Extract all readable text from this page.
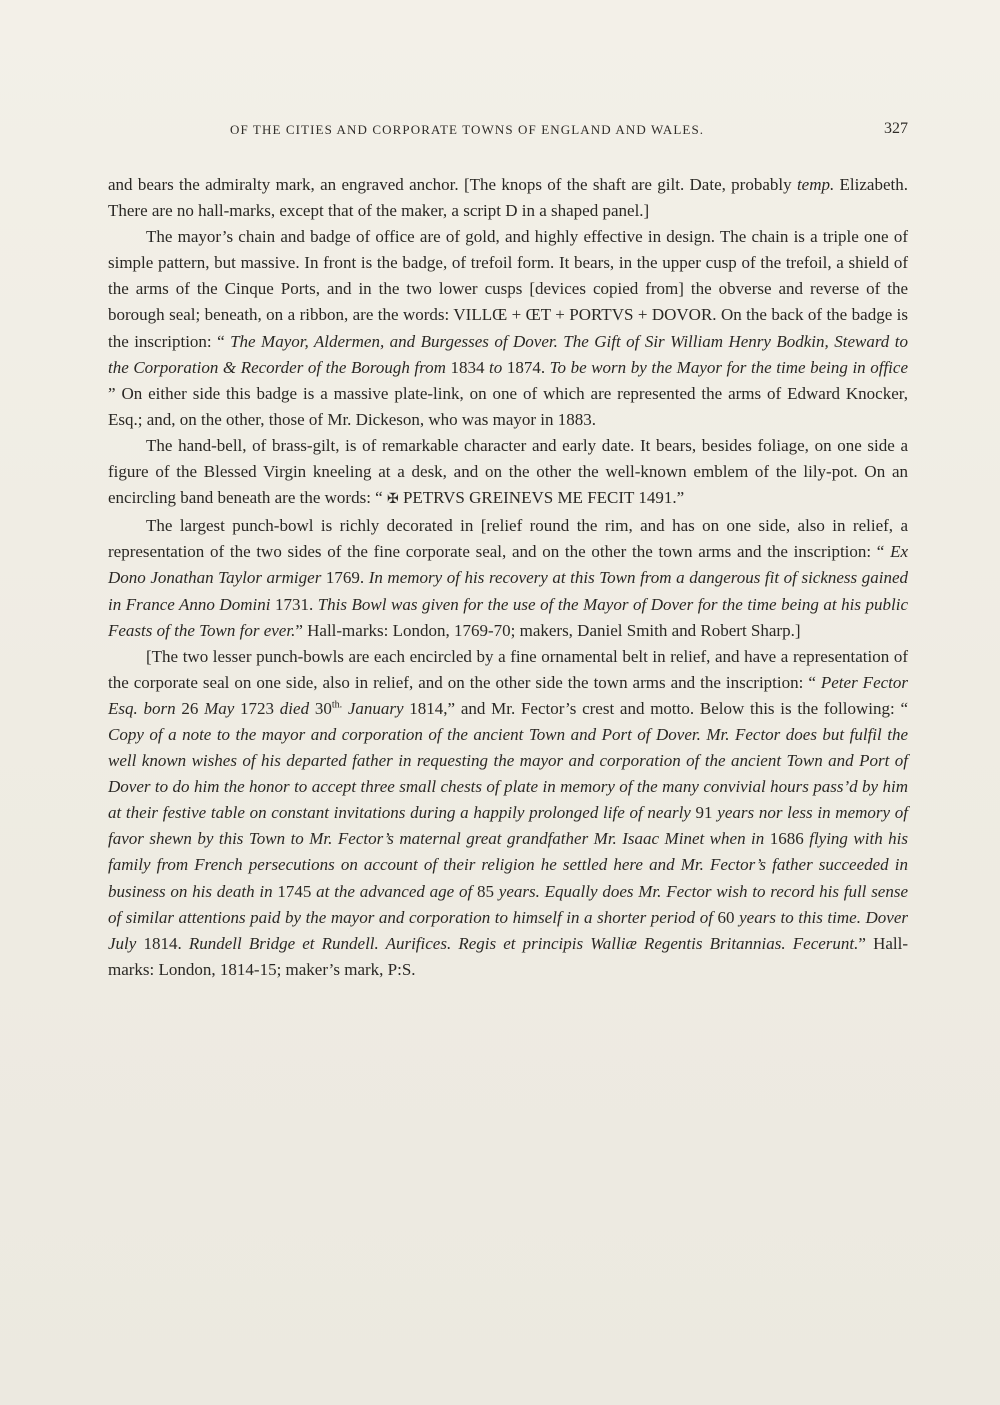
OF THE CITIES AND CORPORATE TOWNS OF ENGLAND AND WALES.	327

and bears the admiralty mark, an engraved anchor. [The knops of the shaft are gilt. Date, probably temp. Elizabeth. There are no hall-marks, except that of the maker, a script D in a shaped panel.]

The mayor’s chain and badge of office are of gold, and highly effective in design. The chain is a triple one of simple pattern, but massive. In front is the badge, of trefoil form. It bears, in the upper cusp of the trefoil, a shield of the arms of the Cinque Ports, and in the two lower cusps [devices copied from] the obverse and reverse of the borough seal; beneath, on a ribbon, are the words: VILLŒ + ŒT + PORTVS + DOVOR. On the back of the badge is the inscription: “ The Mayor, Aldermen, and Burgesses of Dover. The Gift of Sir William Henry Bodkin, Steward to the Corporation & Recorder of the Borough from 1834 to 1874. To be worn by the Mayor for the time being in office ” On either side this badge is a massive plate-link, on one of which are represented the arms of Edward Knocker, Esq.; and, on the other, those of Mr. Dickeson, who was mayor in 1883.

The hand-bell, of brass-gilt, is of remarkable character and early date. It bears, besides foliage, on one side a figure of the Blessed Virgin kneeling at a desk, and on the other the well-known emblem of the lily-pot. On an encircling band beneath are the words: “ ✠ PETRVS GREINEVS ME FECIT 1491.”

The largest punch-bowl is richly decorated in [relief round the rim, and has on one side, also in relief, a representation of the two sides of the fine corporate seal, and on the other the town arms and the inscription: “ Ex Dono Jonathan Taylor armiger 1769. In memory of his recovery at this Town from a dangerous fit of sickness gained in France Anno Domini 1731. This Bowl was given for the use of the Mayor of Dover for the time being at his public Feasts of the Town for ever.” Hall-marks: London, 1769-70; makers, Daniel Smith and Robert Sharp.]

[The two lesser punch-bowls are each encircled by a fine ornamental belt in relief, and have a representation of the corporate seal on one side, also in relief, and on the other side the town arms and the inscription: “ Peter Fector Esq. born 26 May 1723 died $30^{th.}$ January 1814,” and Mr. Fector’s crest and motto. Below this is the following: “ Copy of a note to the mayor and corporation of the ancient Town and Port of Dover. Mr. Fector does but fulfil the well known wishes of his departed father in requesting the mayor and corporation of the ancient Town and Port of Dover to do him the honor to accept three small chests of plate in memory of the many convivial hours pass’d by him at their festive table on constant invitations during a happily prolonged life of nearly 91 years nor less in memory of favor shewn by this Town to Mr. Fector’s maternal great grandfather Mr. Isaac Minet when in 1686 flying with his family from French persecutions on account of their religion he settled here and Mr. Fector’s father succeeded in business on his death in 1745 at the advanced age of 85 years. Equally does Mr. Fector wish to record his full sense of similar attentions paid by the mayor and corporation to himself in a shorter period of 60 years to this time. Dover July 1814. Rundell Bridge et Rundell. Aurifices. Regis et principis Walliæ Regentis Britannias. Fecerunt.” Hall-marks: London, 1814-15; maker’s mark, P:S.
